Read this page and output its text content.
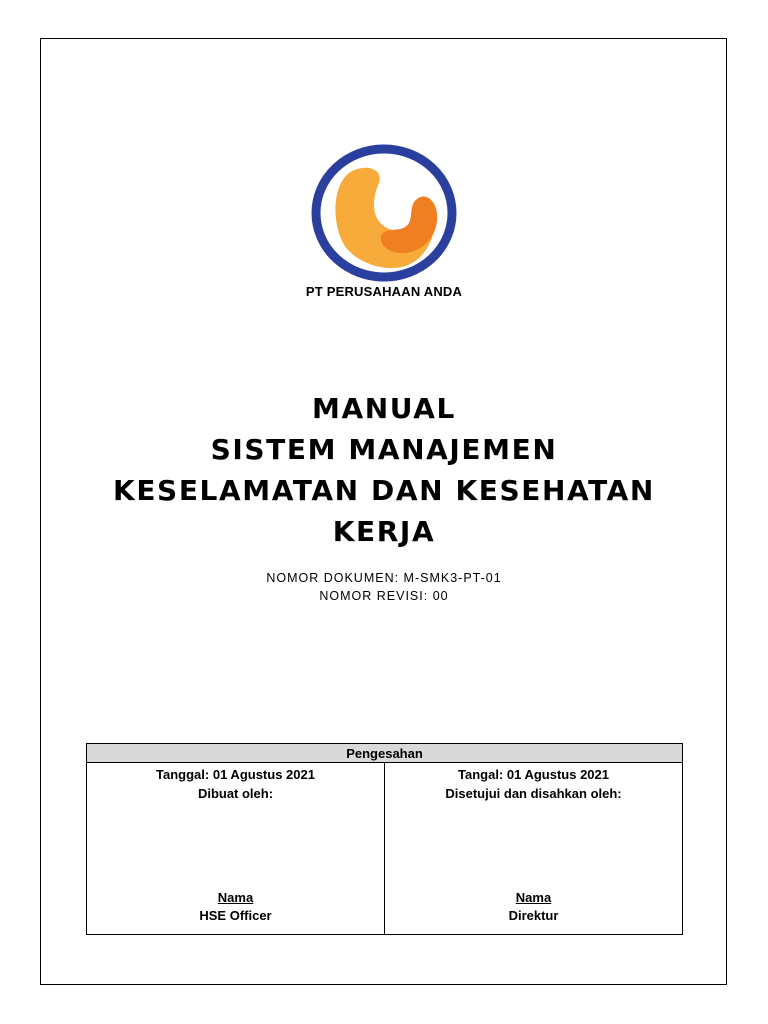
PT PERUSAHAAN ANDA
MANUAL
SISTEM MANAJEMEN
KESELAMATAN DAN KESEHATAN
KERJA
NOMOR DOKUMEN: M-SMK3-PT-01
NOMOR REVISI: 00
Pengesahan

Tanggal: 01 Agustus 2021
Dibuat oleh:
Nama
HSE Officer

Tangal: 01 Agustus 2021
Disetujui dan disahkan oleh:
Nama
Direktur
